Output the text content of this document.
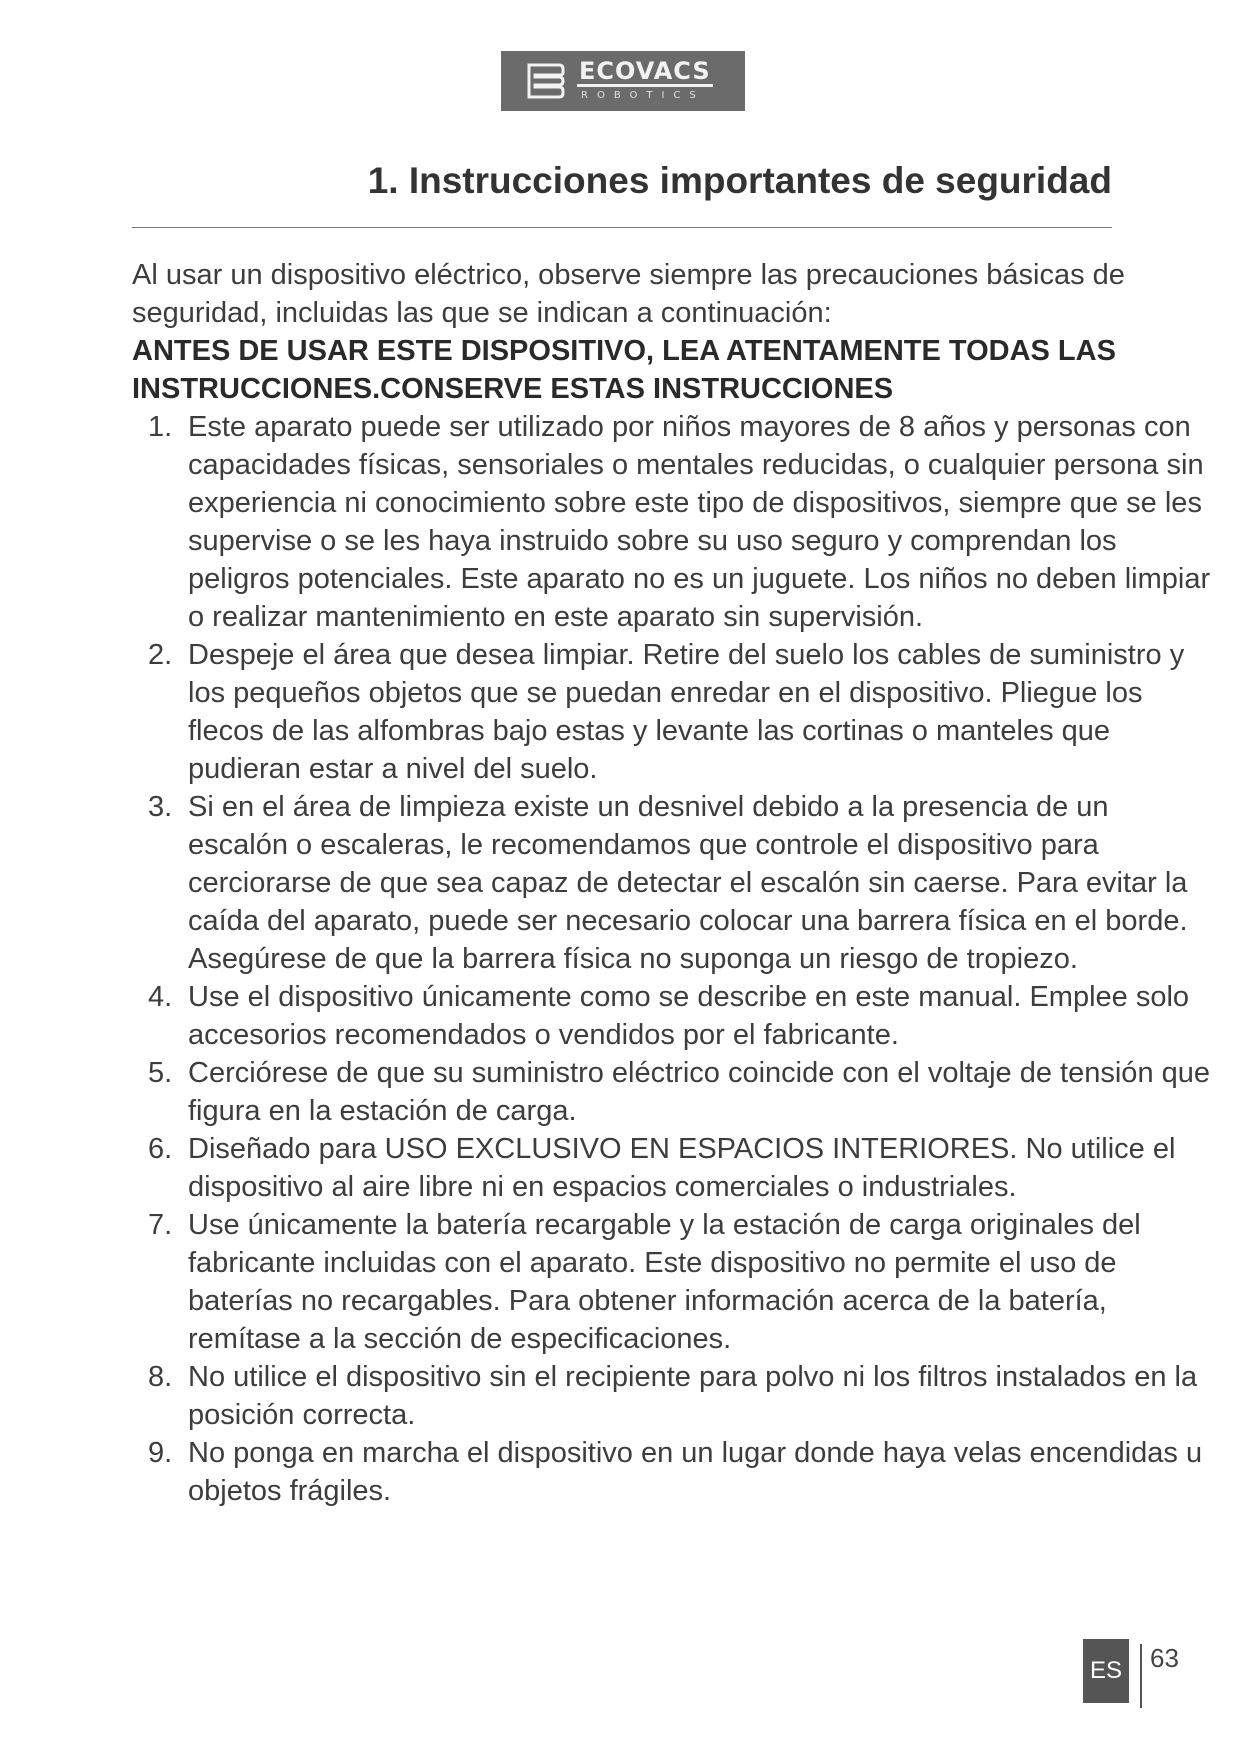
ECOVACS
ROBOTICS
1. Instrucciones importantes de seguridad

Al usar un dispositivo eléctrico, observe siempre las precauciones básicas de seguridad, incluidas las que se indican a continuación:

ANTES DE USAR ESTE DISPOSITIVO, LEA ATENTAMENTE TODAS LAS INSTRUCCIONES.CONSERVE ESTAS INSTRUCCIONES

1. Este aparato puede ser utilizado por niños mayores de 8 años y personas con capacidades físicas, sensoriales o mentales reducidas, o cualquier persona sin experiencia ni conocimiento sobre este tipo de dispositivos, siempre que se les supervise o se les haya instruido sobre su uso seguro y comprendan los peligros potenciales. Este aparato no es un juguete. Los niños no deben limpiar o realizar mantenimiento en este aparato sin supervisión.
2. Despeje el área que desea limpiar. Retire del suelo los cables de suministro y los pequeños objetos que se puedan enredar en el dispositivo. Pliegue los flecos de las alfombras bajo estas y levante las cortinas o manteles que pudieran estar a nivel del suelo.
3. Si en el área de limpieza existe un desnivel debido a la presencia de un escalón o escaleras, le recomendamos que controle el dispositivo para cerciorarse de que sea capaz de detectar el escalón sin caerse. Para evitar la caída del aparato, puede ser necesario colocar una barrera física en el borde. Asegúrese de que la barrera física no suponga un riesgo de tropiezo.
4. Use el dispositivo únicamente como se describe en este manual. Emplee solo accesorios recomendados o vendidos por el fabricante.
5. Cerciórese de que su suministro eléctrico coincide con el voltaje de tensión que figura en la estación de carga.
6. Diseñado para USO EXCLUSIVO EN ESPACIOS INTERIORES. No utilice el dispositivo al aire libre ni en espacios comerciales o industriales.
7. Use únicamente la batería recargable y la estación de carga originales del fabricante incluidas con el aparato. Este dispositivo no permite el uso de baterías no recargables. Para obtener información acerca de la batería, remítase a la sección de especificaciones.
8. No utilice el dispositivo sin el recipiente para polvo ni los filtros instalados en la posición correcta.
9. No ponga en marcha el dispositivo en un lugar donde haya velas encendidas u objetos frágiles.
ES 63
